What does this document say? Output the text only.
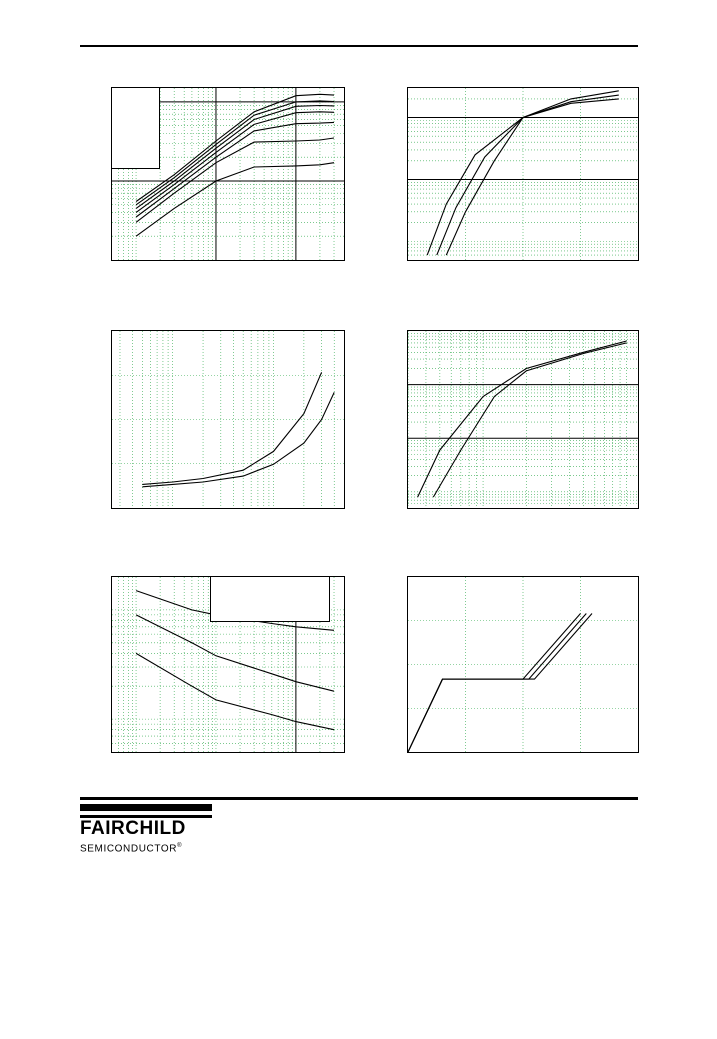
FAIRCHILD
SEMICONDUCTOR®
